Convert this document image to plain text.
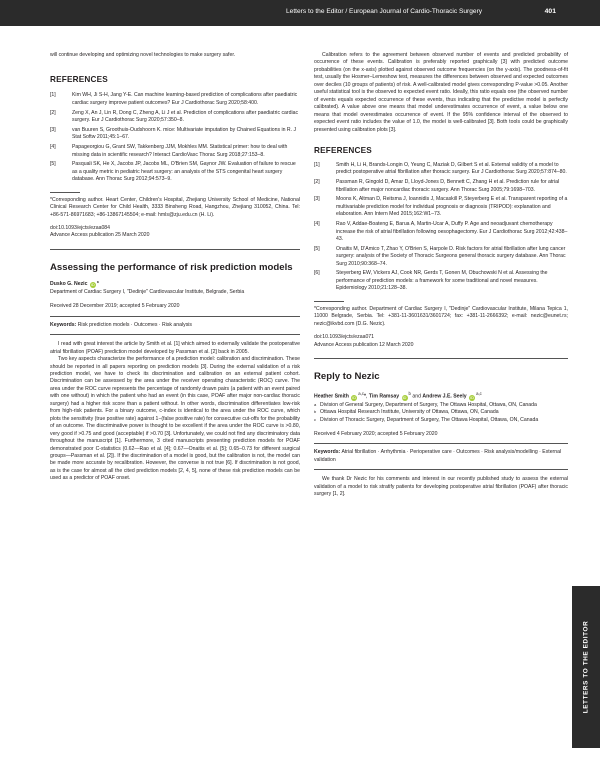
Letters to the Editor / European Journal of Cardio-Thoracic Surgery	401

will continue developing and optimizing novel technologies to make surgery safer.

REFERENCES
[1]	Kim WH, Ji S-H, Jang Y-E. Can machine learning-based prediction of complications after paediatric cardiac surgery improve patient outcomes? Eur J Cardiothorac Surg 2020;58:400.
[2]	Zeng X, An J, Lin R, Dong C, Zheng A, Li J et al. Prediction of complications after paediatric cardiac surgery. Eur J Cardiothorac Surg 2020;57:350–8.
[3]	van Buuren S, Groothuis-Oudshoorn K. mice: Multivariate imputation by Chained Equations in R. J Stat Softw 2011;45:1–67.
[4]	Papageorgiou G, Grant SW, Takkenberg JJM, Mokhles MM. Statistical primer: how to deal with missing data in scientific research? Interact CardioVasc Thorac Surg 2018;27:153–8.
[5]	Pasquali SK, He X, Jacobs JP, Jacobs ML, O'Brien SM, Gaynor JW. Evaluation of failure to rescue as a quality metric in pediatric heart surgery: an analysis of the STS congenital heart surgery database. Ann Thorac Surg 2012;94:573–9.

*Corresponding author. Heart Center, Children's Hospital, Zhejiang University School of Medicine, National Clinical Research Center for Child Health, 3333 Binsheng Road, Hangzhou, Zhejiang 310052, China. Tel: +86-571-86971683; +86-13867145504; e-mail: hmls@zju.edu.cn (H. Li).

doi:10.1093/ejcts/ezaa084

Advance Access publication 25 March 2020

Assessing the performance of risk prediction models

Dusko G. Nezic iD *

Department of Cardiac Surgery I, "Dedinje" Cardiovascular Institute, Belgrade, Serbia

Received 28 December 2019; accepted 5 February 2020

Keywords: Risk prediction models · Outcomes · Risk analysis

I read with great interest the article by Smith et al. [1] which aimed to externally validate the postoperative atrial fibrillation (POAF) prediction model developed by Passman et al. [2] back in 2005.

Two key aspects characterize the performance of a prediction model: calibration and discrimination. These should be reported in all papers reporting on prediction models [3]. During the external validation of a risk prediction model, we have to check its discrimination and calibration on an external patient cohort. Discrimination can be assessed by the area under the receiver operating characteristic (ROC) curve. The area under the ROC curve represents the percentage of randomly drawn pairs (a patient with an event paired with one without) in which the patient who had an event (in this case, POAF after major non-cardiac thoracic surgery) had a higher risk score than a patient without. In other words, discrimination differentiates low-risk from high-risk patients. For a binary outcome, c-index is identical to the area under the ROC curve, which plots the sensitivity (true positive rate) against 1−(false positive rate) for consecutive cut-offs for the probability of an outcome. The discriminative power is thought to be excellent if the area under the ROC curve is >0.80, very good if >0.75 and good (acceptable) if >0.70 [3]. Unfortunately, we could not find any discriminatory data throughout the manuscript [1]. Furthermore, 3 cited manuscripts presenting prediction models for POAF demonstrated poor C-statistics (0.62—Rao et al. [4]; 0.67—Onaitis et al. [5]; 0.65–0.73 for different surgical groups—Passman et al. [2]). If the discrimination of a model is good, but the calibration is not, the model can be made more accurate by recalibration. However, the converse is not true [6]. If discrimination is not good, as is the case for almost all the cited prediction models [2, 4, 5], none of these risk prediction models can be used as a predictor of POAF onset.

Calibration refers to the agreement between observed number of events and predicted probability of occurrence of these events. Calibration is preferably reported graphically [3] with predicted outcome probabilities (on the x-axis) plotted against observed outcome frequencies (on the y-axis). The goodness-of-fit test, usually the Hosmer–Lemeshow test, measures the differences between observed and expected outcomes over deciles (10 groups of patients) of risk. A well-calibrated model gives corresponding P-value >0.05. Another useful statistical tool is the observed to expected event ratio. Ideally, this ratio equals one (the observed number of events equals expected occurrence of these events, thus indicating that the predictive model is perfectly calibrated). A value above one means that model underestimates occurrence of event, a value below one means that model overestimates occurrence of event. If the 95% confidence interval of the observed to expected event ratio includes the value of 1.0, the model is well-calibrated [3]. Both tools could be graphically presented using calibration plots [3].

REFERENCES
[1]	Smith H, Li H, Brands-Longin O, Yeung C, Maziak D, Gilbert S et al. External validity of a model to predict postoperative atrial fibrillation after thoracic surgery. Eur J Cardiothorac Surg 2020;57:874–80.
[2]	Passman R, Gingold D, Amar D, Lloyd-Jones D, Bennett C, Zhang H et al. Prediction rule for atrial fibrillation after major noncardiac thoracic surgery. Ann Thorac Surg 2005;79:1698–703.
[3]	Moons K, Altman D, Reitsma J, Ioannidis J, Macaskill P, Steyerberg E et al. Transparent reporting of a multivariable prediction model for individual prognosis or diagnosis (TRIPOD): explanation and elaboration. Ann Intern Med 2015;162:W1–73.
[4]	Rao V, Addae-Boateng E, Barua A, Martin-Ucar A, Duffy P. Age and neoadjuvant chemotherapy increase the risk of atrial fibrillation following oesophagectomy. Eur J Cardiothorac Surg 2012;42:438–43.
[5]	Onaitis M, D'Amico T, Zhao Y, O'Brien S, Harpole D. Risk factors for atrial fibrillation after lung cancer surgery: analysis of the Society of Thoracic Surgeons general thoracic surgery database. Ann Thorac Surg 2010;90:368–74.
[6]	Steyerberg EW, Vickers AJ, Cook NR, Gerds T, Gonen M, Obuchowski N et al. Assessing the performance of prediction models: a framework for some traditional and novel measures. Epidemiology 2010;21:128–38.

*Corresponding author. Department of Cardiac Surgery I, "Dedinje" Cardiovascular Institute, Milana Tepica 1, 11000 Belgrade, Serbia. Tel: +381-11-3601631/3601724; fax: +381-11-2666392; e-mail: nezic@eunet.rs; nezic@ikvbd.com (D.G. Nezic).

doi:10.1093/ejcts/ezaa071

Advance Access publication 12 March 2020

Reply to Nezic

Heather Smith iD$^{a,c}$*, Tim Ramsay $iD^b$ and Andrew J.E. Seely iD$^{a,c}$

a Division of General Surgery, Department of Surgery, The Ottawa Hospital, Ottawa, ON, Canada

b Ottawa Hospital Research Institute, University of Ottawa, Ottawa, ON, Canada

c Division of Thoracic Surgery, Department of Surgery, The Ottawa Hospital, Ottawa, ON, Canada

Received 4 February 2020; accepted 5 February 2020

Keywords: Atrial fibrillation · Arrhythmia · Perioperative care · Outcomes · Risk analysis/modelling · External validation

We thank Dr Nezic for his comments and interest in our recently published study to assess the external validation of a model to risk stratify patients for developing postoperative atrial fibrillation (POAF) after thoracic surgery [1, 2].

LETTERS TO THE EDITOR
